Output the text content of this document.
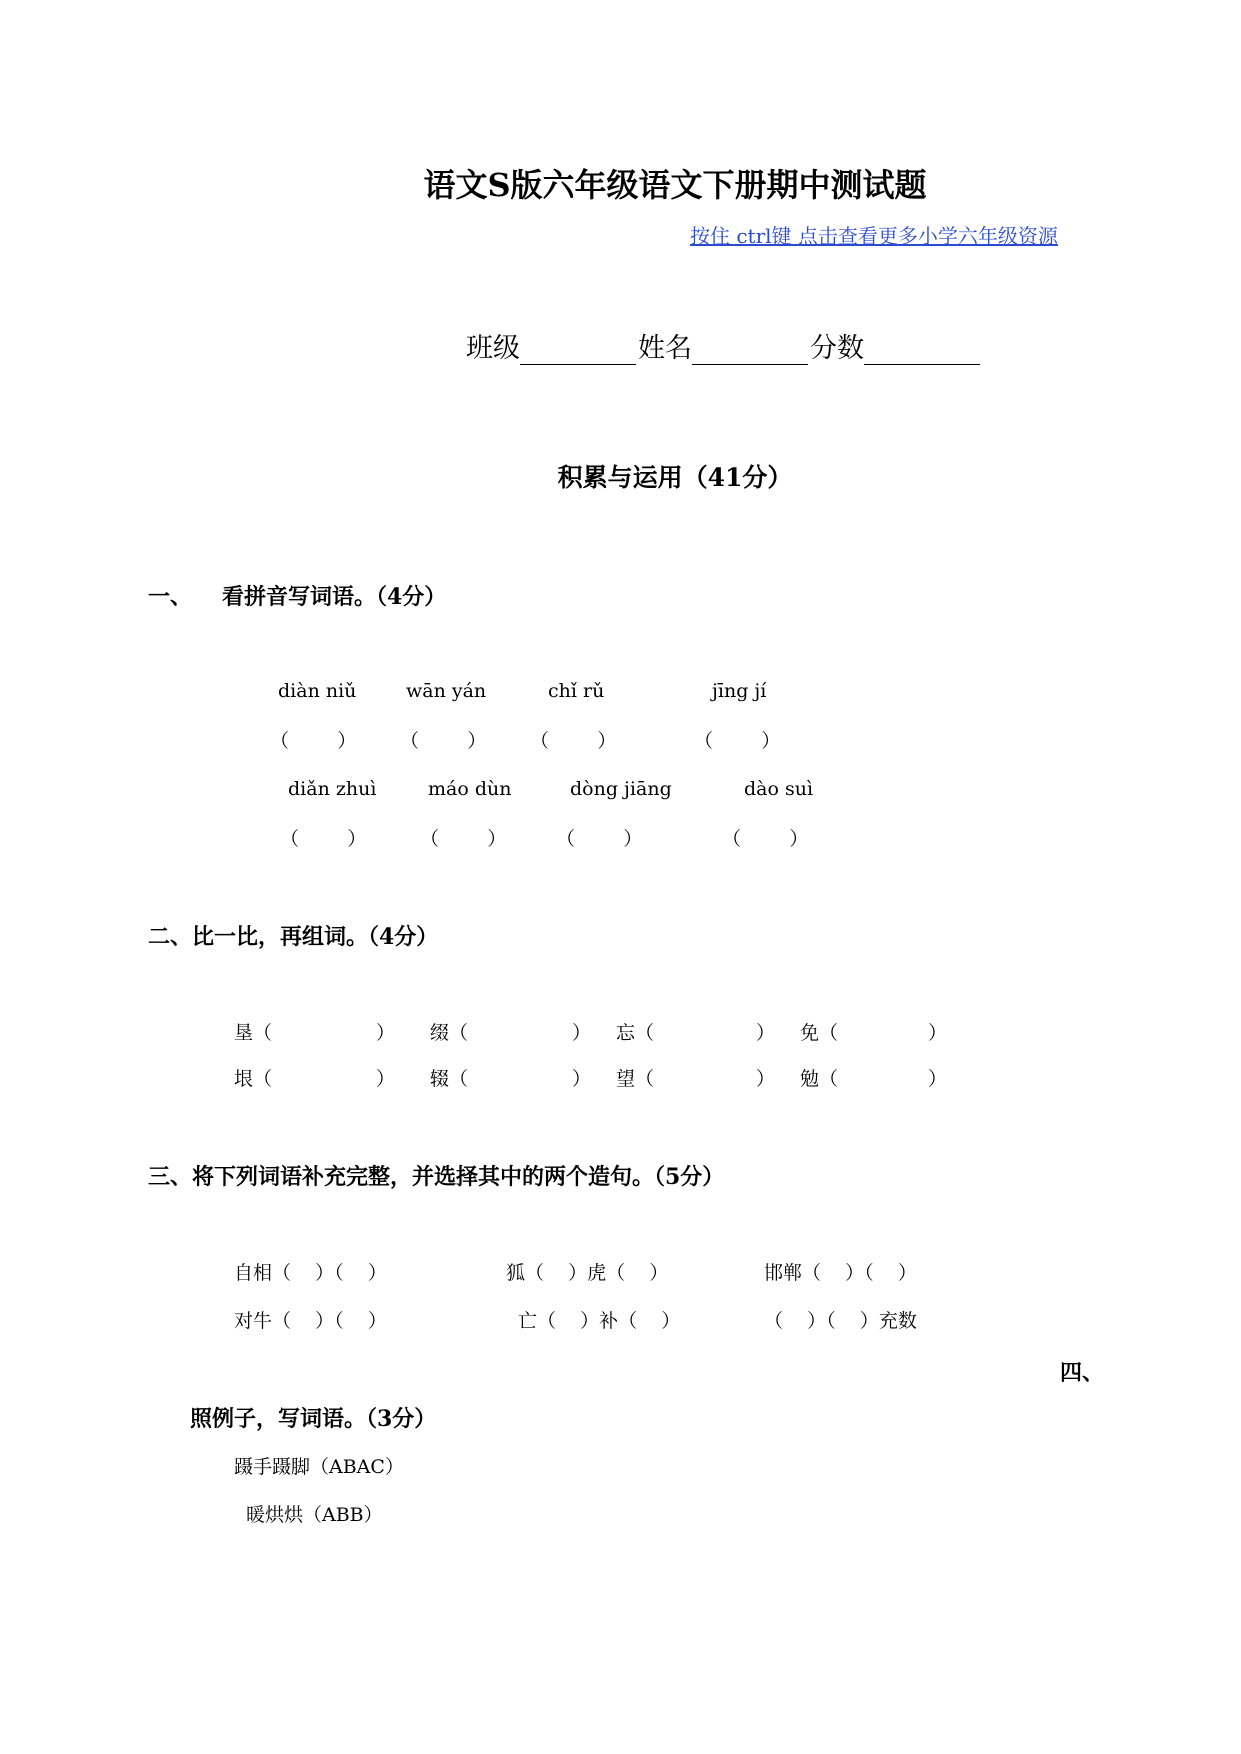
语文S版六年级语文下册期中测试题
按住 ctrl键 点击查看更多小学六年级资源
班级	姓名	分数
积累与运用（41分）
一、 看拼音写词语。（4分）
diàn niǔ	wān yán	chǐ rǔ	jīng jí
（        ） （        ） （        ）	（        ）
diǎn zhuì	máo dùn	dòng jiāng	dào suì
（        ）	（        ）	（        ）	（        ）
二、比一比，再组词。（4分）
垦（	） 缀（	） 忘（	） 免（	）
垠（	） 辍（	） 望（	） 勉（	）
三、将下列词语补充完整，并选择其中的两个造句。（5分）
自相（    ）（    ）	狐（    ）虎（    ）	邯郸（    ）（    ）
对牛（    ）（    ）	亡（    ）补（    ）	（    ）（    ）充数
四、
照例子，写词语。（3分）
蹑手蹑脚（ABAC）
暖烘烘（ABB）
